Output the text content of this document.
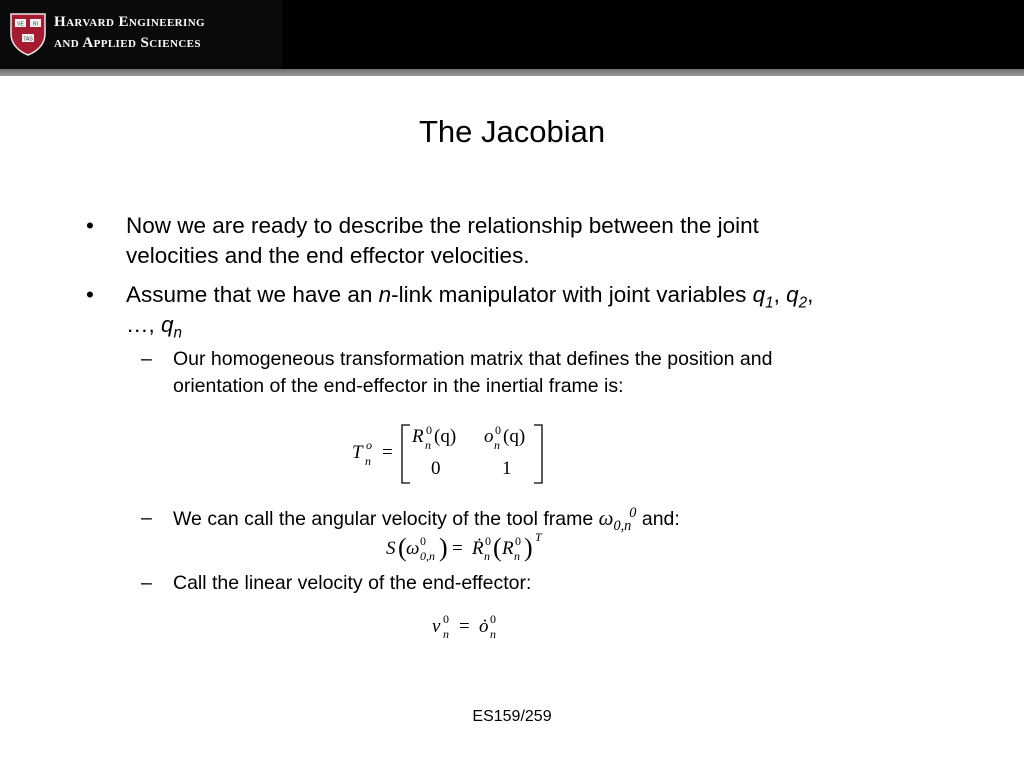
VE RI
TAS
Harvard Engineering
and Applied Sciences
The Jacobian
• Now we are ready to describe the relationship between the joint
velocities and the end effector velocities.
• Assume that we have an n-link manipulator with joint variables $q_1$, $q_2$,
…, $q_n$
– Our homogeneous transformation matrix that defines the position and
orientation of the end-effector in the inertial frame is:
– We can call the angular velocity of the tool frame $\omega_{0,n}^0$ and:
– Call the linear velocity of the end-effector:
T o
n =
R 0
n (q) o 0
n (q)
0	1
S ( ω 0
0,n ) = Ṙ 0
n ( R 0
n ) T
v 0
n = ȯ 0
n
ES159/259
